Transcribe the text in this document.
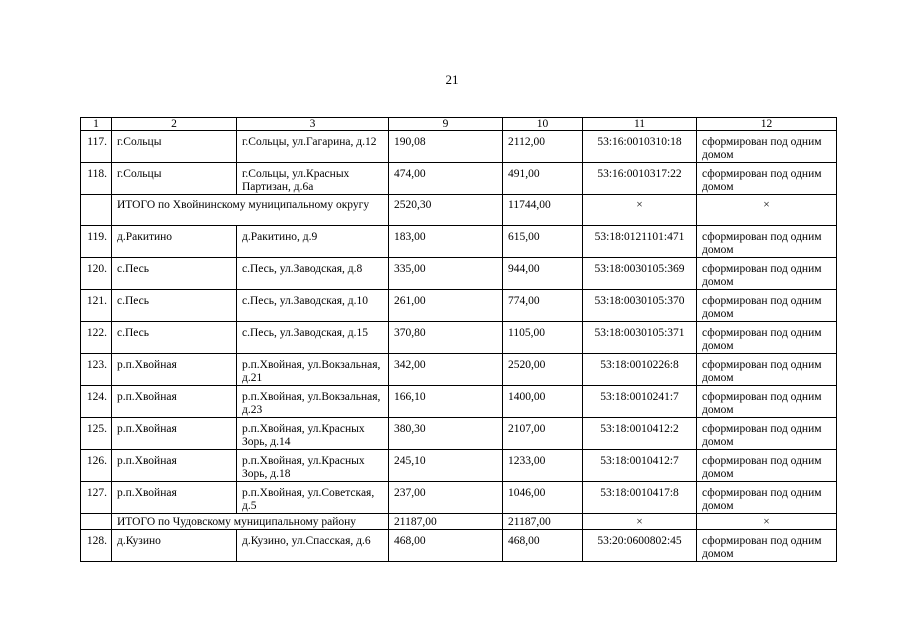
21
1	2	3	9	10	11	12
117.	г.Сольцы	г.Сольцы, ул.Гагарина, д.12	190,08	2112,00	53:16:0010310:18	сформирован под одним домом
118.	г.Сольцы	г.Сольцы, ул.Красных Партизан, д.6а	474,00	491,00	53:16:0010317:22	сформирован под одним домом
	ИТОГО по Хвойнинскому муниципальному округу		2520,30	11744,00	×	×
119.	д.Ракитино	д.Ракитино, д.9	183,00	615,00	53:18:0121101:471	сформирован под одним домом
120.	с.Песь	с.Песь, ул.Заводская, д.8	335,00	944,00	53:18:0030105:369	сформирован под одним домом
121.	с.Песь	с.Песь, ул.Заводская, д.10	261,00	774,00	53:18:0030105:370	сформирован под одним домом
122.	с.Песь	с.Песь, ул.Заводская, д.15	370,80	1105,00	53:18:0030105:371	сформирован под одним домом
123.	р.п.Хвойная	р.п.Хвойная, ул.Вокзальная, д.21	342,00	2520,00	53:18:0010226:8	сформирован под одним домом
124.	р.п.Хвойная	р.п.Хвойная, ул.Вокзальная, д.23	166,10	1400,00	53:18:0010241:7	сформирован под одним домом
125.	р.п.Хвойная	р.п.Хвойная, ул.Красных Зорь, д.14	380,30	2107,00	53:18:0010412:2	сформирован под одним домом
126.	р.п.Хвойная	р.п.Хвойная, ул.Красных Зорь, д.18	245,10	1233,00	53:18:0010412:7	сформирован под одним домом
127.	р.п.Хвойная	р.п.Хвойная, ул.Советская, д.5	237,00	1046,00	53:18:0010417:8	сформирован под одним домом
	ИТОГО по Чудовскому муниципальному району		21187,00	21187,00	×	×
128.	д.Кузино	д.Кузино, ул.Спасская, д.6	468,00	468,00	53:20:0600802:45	сформирован под одним домом
